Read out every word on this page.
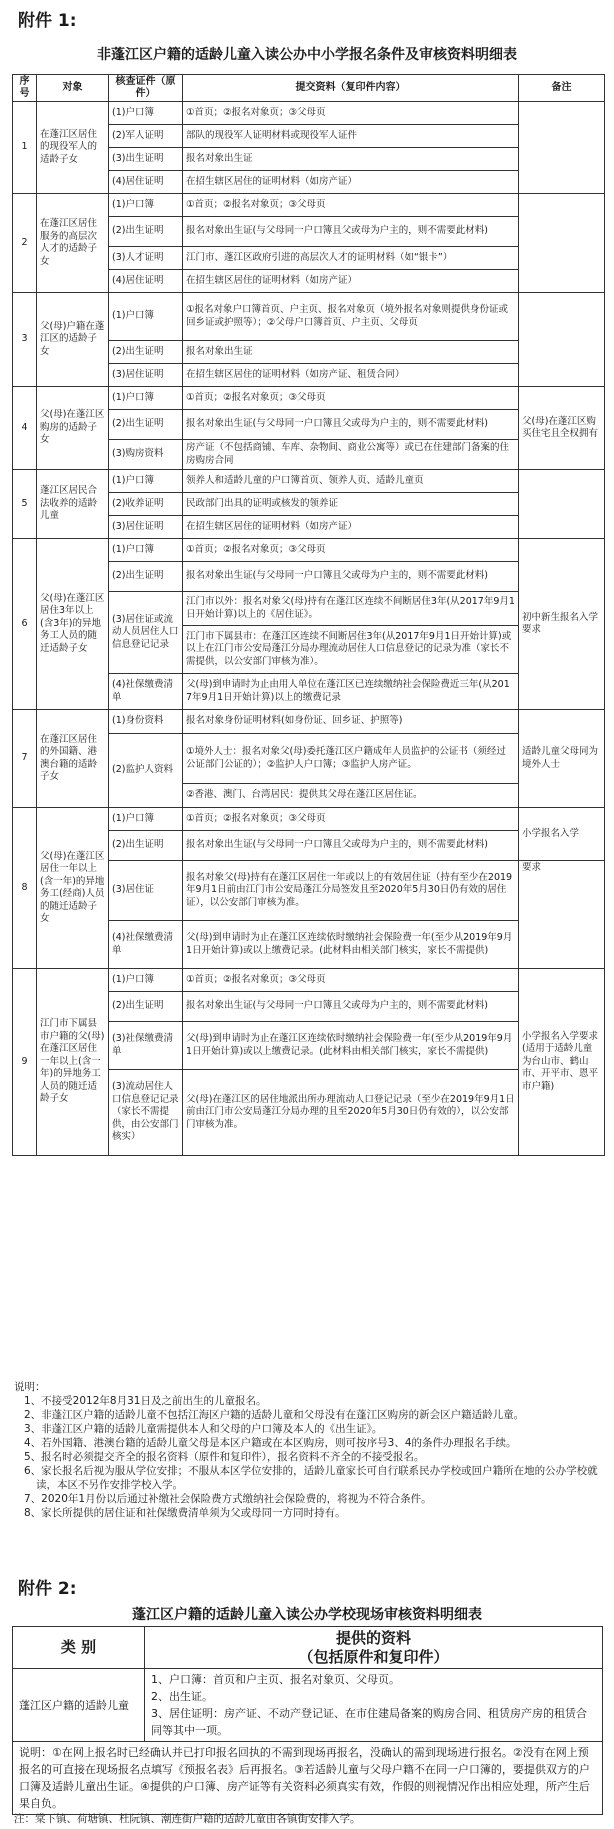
附件 1:
非蓬江区户籍的适龄儿童入读公办中小学报名条件及审核资料明细表
序号	对象	核查证件（原件）	提交资料（复印件内容）	备注
1	在蓬江区居住的现役军人的适龄子女	(1)户口簿	①首页；②报名对象页；③父母页	
		(2)军人证明	部队的现役军人证明材料或现役军人证件	
		(3)出生证明	报名对象出生证	
		(4)居住证明	在招生辖区居住的证明材料（如房产证）	
2	在蓬江区居住服务的高层次人才的适龄子女	(1)户口簿	①首页；②报名对象页；③父母页	
		(2)出生证明	报名对象出生证(与父母同一户口簿且父或母为户主的，则不需要此材料)	
		(3)人才证明	江门市、蓬江区政府引进的高层次人才的证明材料（如“银卡”）	
		(4)居住证明	在招生辖区居住的证明材料（如房产证）	
3	父(母)户籍在蓬江区的适龄子女	(1)户口簿	①报名对象户口簿首页、户主页、报名对象页（境外报名对象则提供身份证或回乡证或护照等）；②父母户口簿首页、户主页、父母页	
		(2)出生证明	报名对象出生证	
		(3)居住证明	在招生辖区居住的证明材料（如房产证、租赁合同）	
4	父(母)在蓬江区购房的适龄子女	(1)户口簿	①首页；②报名对象页；③父母页	父(母)在蓬江区购买住宅且全权拥有
		(2)出生证明	报名对象出生证(与父母同一户口簿且父或母为户主的，则不需要此材料)	
		(3)购房资料	房产证（不包括商铺、车库、杂物间、商业公寓等）或已在住建部门备案的住房购房合同	
5	蓬江区居民合法收养的适龄儿童	(1)户口簿	领养人和适龄儿童的户口簿首页、领养人页、适龄儿童页	
		(2)收养证明	民政部门出具的证明或核发的领养证	
		(3)居住证明	在招生辖区居住的证明材料（如房产证）	
6	父(母)在蓬江区居住3年以上(含3年)的异地务工人员的随迁适龄子女	(1)户口簿	①首页；②报名对象页；③父母页	初中新生报名入学要求
		(2)出生证明	报名对象出生证(与父母同一户口簿且父或母为户主的，则不需要此材料)	
		(3)居住证或流动人员居住人口信息登记记录	江门市以外：报名对象父(母)持有在蓬江区连续不间断居住3年(从2017年9月1日开始计算)以上的《居住证》。	
			江门市下属县市：在蓬江区连续不间断居住3年(从2017年9月1日开始计算)或以上在江门市公安局蓬江分局办理流动居住人口信息登记的记录为准（家长不需提供，以公安部门审核为准）。	
		(4)社保缴费清单	父(母)到申请时为止由用人单位在蓬江区已连续缴纳社会保险费近三年(从2017年9月1日开始计算)以上的缴费记录	
7	在蓬江区居住的外国籍、港澳台籍的适龄子女	(1)身份资料	报名对象身份证明材料(如身份证、回乡证、护照等)	适龄儿童父母同为境外人士
		(2)监护人资料	①境外人士：报名对象父(母)委托蓬江区户籍成年人员监护的公证书（须经过公证部门公证的）；②监护人户口簿；③监护人房产证。	
			②香港、澳门、台湾居民：提供其父母在蓬江区居住证。	
8	父(母)在蓬江区居住一年以上(含一年)的异地务工(经商)人员的随迁适龄子女	(1)户口簿	①首页；②报名对象页；③父母页	小学报名入学
		(2)出生证明	报名对象出生证(与父母同一户口簿且父或母为户主的，则不需要此材料)	
		(3)居住证	报名对象父(母)持有在蓬江区居住一年或以上的有效居住证（持有至少在2019年9月1日前由江门市公安局蓬江分局签发且至2020年5月30日仍有效的居住证），以公安部门审核为准。	要求
		(4)社保缴费清单	父(母)到申请时为止在蓬江区连续依时缴纳社会保险费一年(至少从2019年9月1日开始计算)或以上缴费记录。(此材料由相关部门核实，家长不需提供)	
9	江门市下属县市户籍的父(母)在蓬江区居住一年以上(含一年)的异地务工人员的随迁适龄子女	(1)户口簿	①首页；②报名对象页；③父母页	小学报名入学要求(适用于适龄儿童为台山市、鹤山市、开平市、恩平市户籍)
		(2)出生证明	报名对象出生证(与父母同一户口簿且父或母为户主的，则不需要此材料)	
		(3)社保缴费清单	父(母)到申请时为止在蓬江区连续依时缴纳社会保险费一年(至少从2019年9月1日开始计算)或以上缴费记录。(此材料由相关部门核实，家长不需提供)	
		(3)流动居住人口信息登记记录（家长不需提供，由公安部门核实）	父(母)在蓬江区的居住地派出所办理流动人口登记记录（至少在2019年9月1日前由江门市公安局蓬江分局办理的且至2020年5月30日仍有效的），以公安部门审核为准。	
说明：
1、不接受2012年8月31日及之前出生的儿童报名。
2、非蓬江区户籍的适龄儿童不包括江海区户籍的适龄儿童和父母没有在蓬江区购房的新会区户籍适龄儿童。
3、非蓬江区户籍的适龄儿童需提供本人和父母的户口簿及本人的《出生证》。
4、若外国籍、港澳台籍的适龄儿童父母是本区户籍或在本区购房，则可按序号3、4的条件办理报名手续。
5、报名时必须提交齐全的报名资料（原件和复印件），报名资料不齐全的不接受报名。
6、家长报名后视为服从学位安排；不服从本区学位安排的，适龄儿童家长可自行联系民办学校或回户籍所在地的公办学校就读，本区不另作安排学校入学。
7、2020年1月份以后通过补缴社会保险费方式缴纳社会保险费的，将视为不符合条件。
8、家长所提供的居住证和社保缴费清单须为父或母同一方同时持有。
附件 2:
蓬江区户籍的适龄儿童入读公办学校现场审核资料明细表
类 别	提供的资料
（包括原件和复印件）
蓬江区户籍的适龄儿童	1、户口簿：首页和户主页、报名对象页、父母页。
2、出生证。
3、居住证明：房产证、不动产登记证、在市住建局备案的购房合同、租赁房产房的租赁合同等其中一项。

说明：①在网上报名时已经确认并已打印报名回执的不需到现场再报名，没确认的需到现场进行报名。②没有在网上预报名的可直接在现场报名点填写《预报名表》后再报名。③若适龄儿童与父母户籍不在同一户口簿的，要提供双方的户口簿及适龄儿童出生证。④提供的户口簿、房产证等有关资料必须真实有效，作假的则视情况作出相应处理，所产生后果自负。	
注：棠下镇、荷塘镇、杜阮镇、潮连街户籍的适龄儿童由各镇街安排入学。
